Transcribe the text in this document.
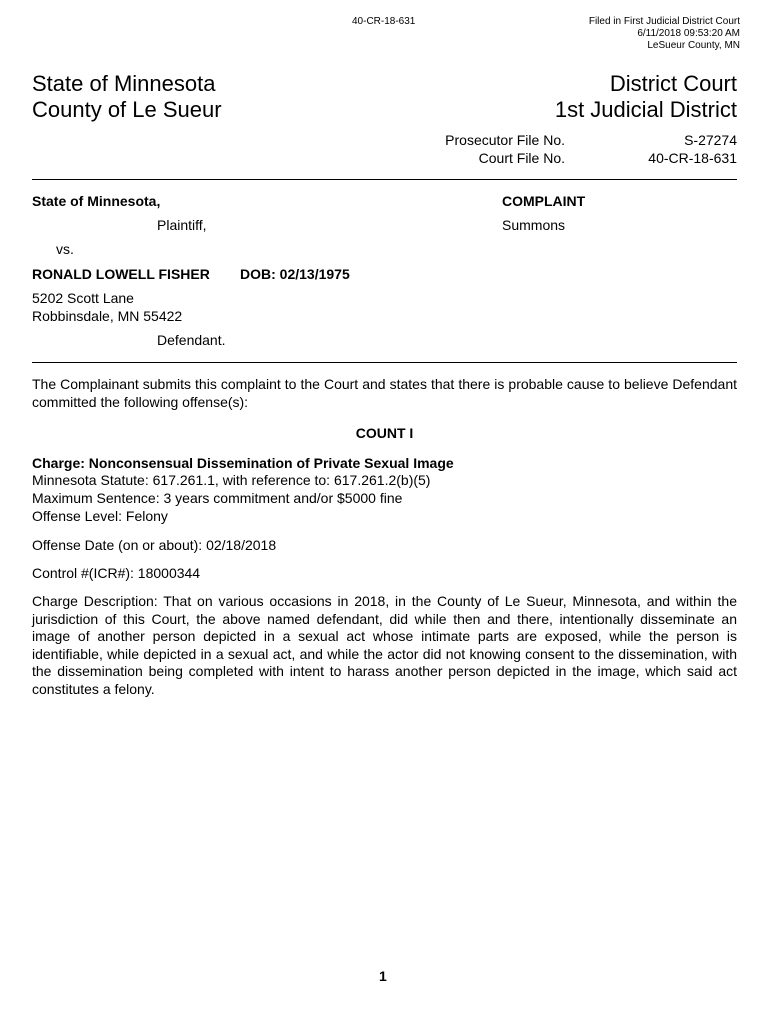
40-CR-18-631	Filed in First Judicial District Court
6/11/2018 09:53:20 AM
LeSueur County, MN
State of Minnesota
County of Le Sueur
District Court
1st Judicial District
Prosecutor File No.	S-27274
Court File No.	40-CR-18-631
State of Minnesota,
Plaintiff,
vs.
RONALD LOWELL FISHER DOB: 02/13/1975
5202 Scott Lane
Robbinsdale, MN 55422
Defendant.
COMPLAINT
Summons
The Complainant submits this complaint to the Court and states that there is probable cause to believe Defendant committed the following offense(s):
COUNT I
Charge: Nonconsensual Dissemination of Private Sexual Image
Minnesota Statute: 617.261.1, with reference to: 617.261.2(b)(5)
Maximum Sentence: 3 years commitment and/or $5000 fine
Offense Level: Felony
Offense Date (on or about): 02/18/2018
Control #(ICR#): 18000344
Charge Description: That on various occasions in 2018, in the County of Le Sueur, Minnesota, and within the jurisdiction of this Court, the above named defendant, did while then and there, intentionally disseminate an image of another person depicted in a sexual act whose intimate parts are exposed, while the person is identifiable, while depicted in a sexual act, and while the actor did not knowing consent to the dissemination, with the dissemination being completed with intent to harass another person depicted in the image, which said act constitutes a felony.
1
